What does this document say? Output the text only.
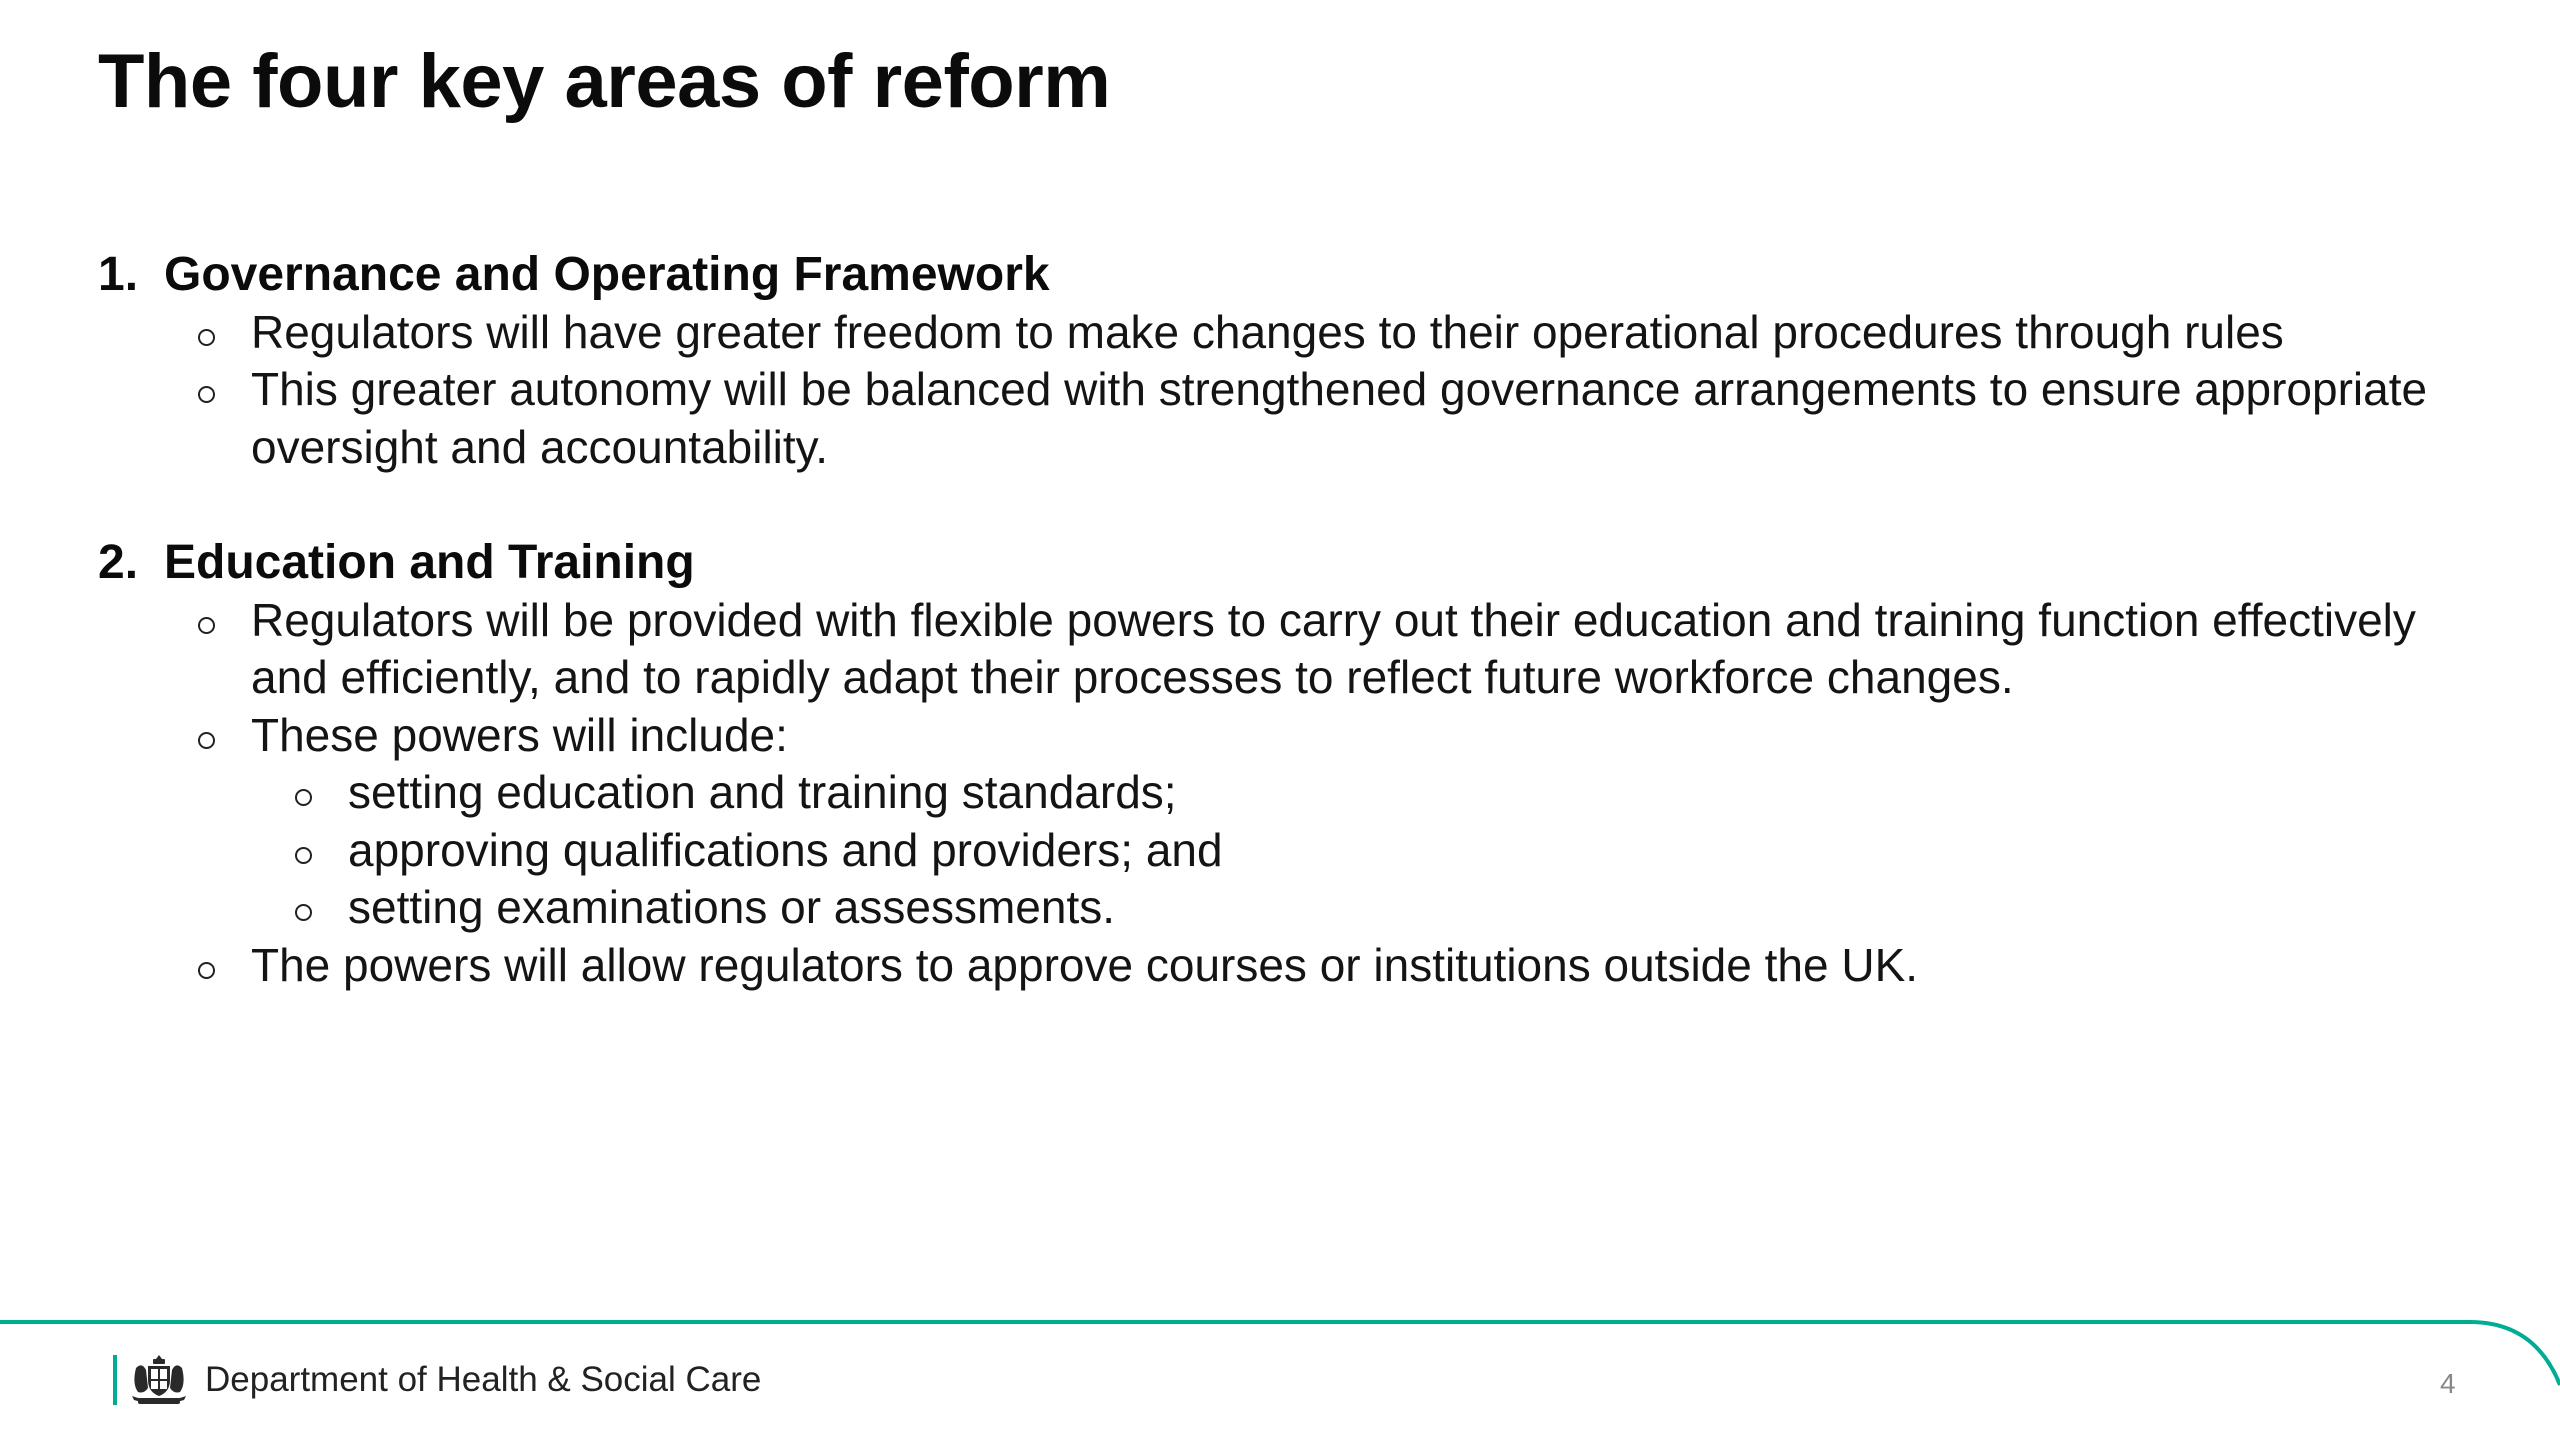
The four key areas of reform
1. Governance and Operating Framework
Regulators will have greater freedom to make changes to their operational procedures through rules
This greater autonomy will be balanced with strengthened governance arrangements to ensure appropriate oversight and accountability.
2. Education and Training
Regulators will be provided with flexible powers to carry out their education and training function effectively and efficiently, and to rapidly adapt their processes to reflect future workforce changes.
These powers will include:
setting education and training standards;
approving qualifications and providers; and
setting examinations or assessments.
The powers will allow regulators to approve courses or institutions outside the UK.
Department of Health & Social Care	4
